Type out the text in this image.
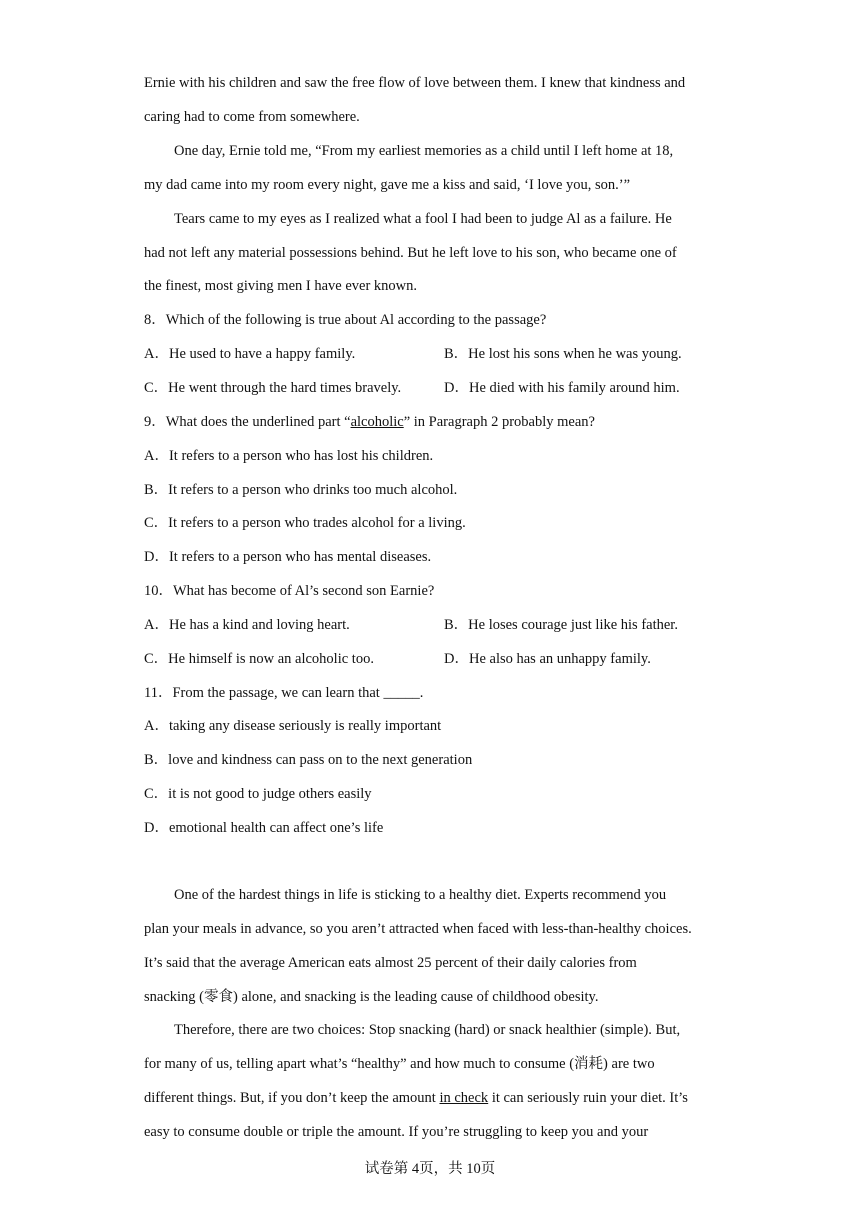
Ernie with his children and saw the free flow of love between them. I knew that kindness and
caring had to come from somewhere.
One day, Ernie told me, “From my earliest memories as a child until I left home at 18,
my dad came into my room every night, gave me a kiss and said, ‘I love you, son.’”
Tears came to my eyes as I realized what a fool I had been to judge Al as a failure. He
had not left any material possessions behind. But he left love to his son, who became one of
the finest, most giving men I have ever known.
8．Which of the following is true about Al according to the passage?
A．He used to have a happy family.	B．He lost his sons when he was young.
C．He went through the hard times bravely.	D．He died with his family around him.
9．What does the underlined part “alcoholic” in Paragraph 2 probably mean?
A．It refers to a person who has lost his children.
B．It refers to a person who drinks too much alcohol.
C．It refers to a person who trades alcohol for a living.
D．It refers to a person who has mental diseases.
10．What has become of Al’s second son Earnie?
A．He has a kind and loving heart.	B．He loses courage just like his father.
C．He himself is now an alcoholic too.	D．He also has an unhappy family.
11．From the passage, we can learn that _____.
A．taking any disease seriously is really important
B．love and kindness can pass on to the next generation
C．it is not good to judge others easily
D．emotional health can affect one’s life
One of the hardest things in life is sticking to a healthy diet. Experts recommend you
plan your meals in advance, so you aren’t attracted when faced with less-than-healthy choices.
It’s said that the average American eats almost 25 percent of their daily calories from
snacking (零食) alone, and snacking is the leading cause of childhood obesity.
Therefore, there are two choices: Stop snacking (hard) or snack healthier (simple). But,
for many of us, telling apart what’s “healthy” and how much to consume (消耗) are two
different things. But, if you don’t keep the amount in check it can seriously ruin your diet. It’s
easy to consume double or triple the amount. If you’re struggling to keep you and your
试卷第 4页，共 10页
